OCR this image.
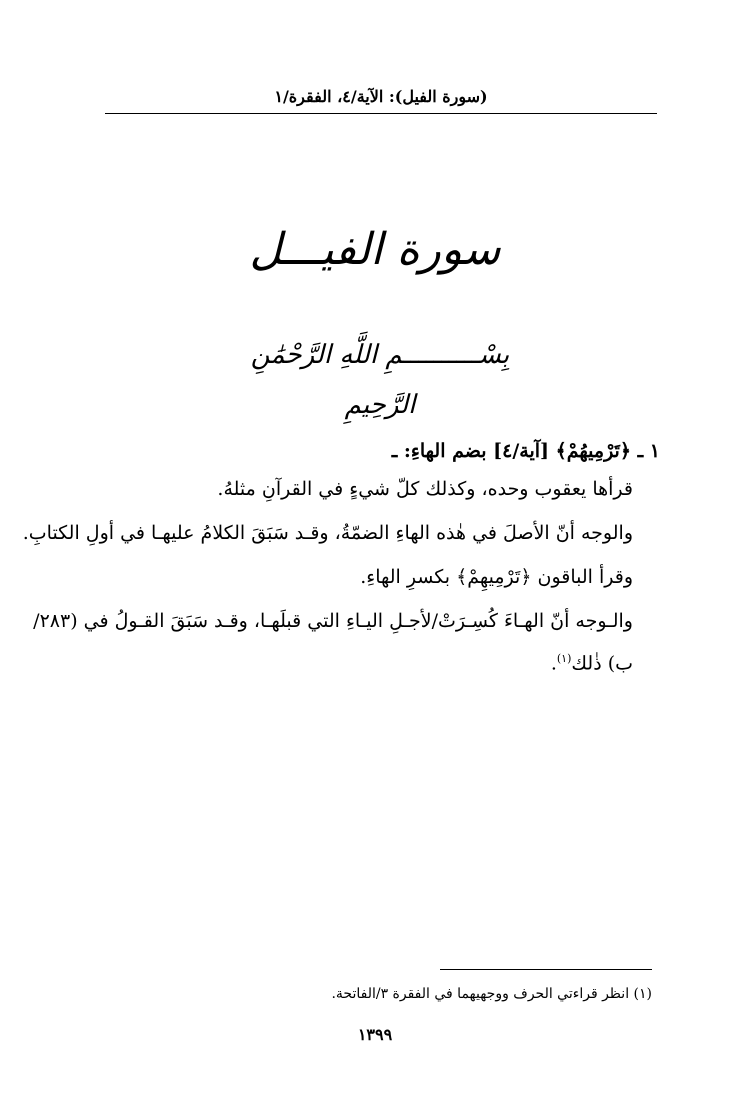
(سورة الفيل): الآية/٤، الفقرة/١
سورة الفيـــل
بِسْــــــــــمِ اللَّهِ الرَّحْمَٰنِ الرَّحِيمِ

١ ـ ﴿تَرْمِيهُمْ﴾ [آية/٤] بضم الهاءِ: ـ

قرأها يعقوب وحده، وكذلك كلّ شيءٍ في القرآنِ مثلهُ.

والوجه أنّ الأصلَ في هٰذه الهاءِ الضمّةُ، وقـد سَبَقَ الكلامُ عليهـا في أولِ الكتابِ.

وقرأ الباقون ﴿تَرْمِيهِمْ﴾ بكسرِ الهاءِ.

والـوجه أنّ الهـاءَ كُسِـرَتْ/لأجـلِ اليـاءِ التي قبلَهـا، وقـد سَبَقَ القـولُ في (٢٨٣/ب) ذٰلك$^{(١)}$.

(١) انظر قراءتي الحرف ووجهيهما في الفقرة ٣/الفاتحة.
١٣٩٩
